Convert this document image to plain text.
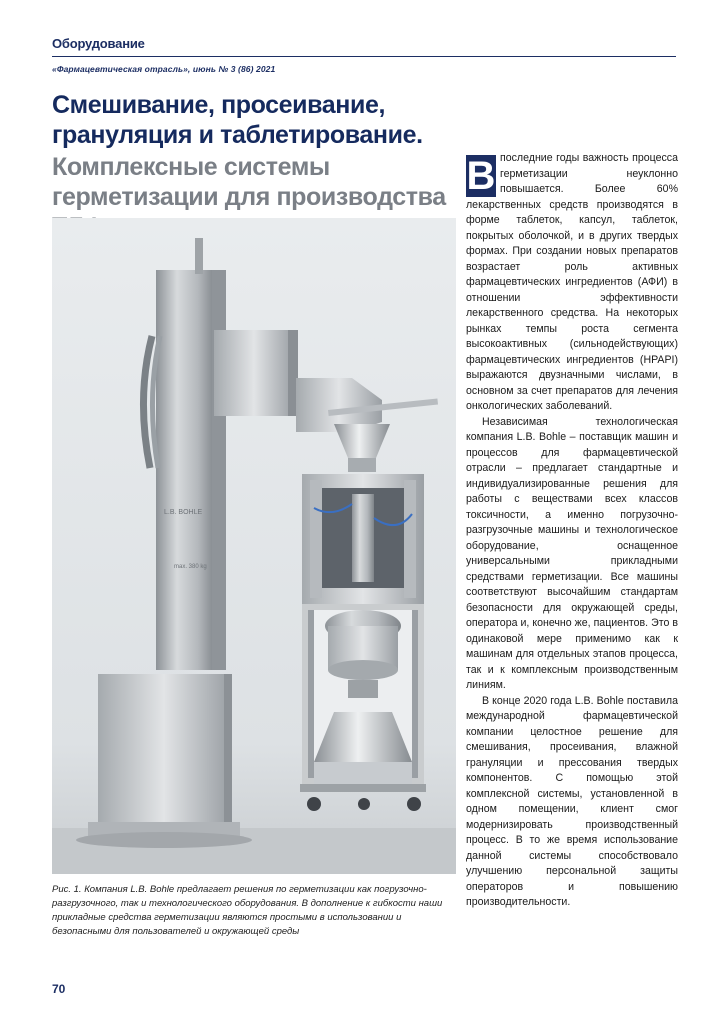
Оборудование
«Фармацевтическая отрасль», июнь № 3 (86) 2021
Смешивание, просеивание, грануляция и таблетирование.
Комплексные системы герметизации для производства
L.B. BOHLE
max. 380 kg
Рис. 1. Компания L.B. Bohle предлагает решения по герметизации как погрузочно-разгрузочного, так и технологического оборудования. В дополнение к гибкости наши прикладные средства герметизации являются простыми в использовании и безопасными для пользователей и окружающей среды

В последние годы важность процесса герметизации неуклонно повышается. Более 60% лекарственных средств производятся в форме таблеток, капсул, таблеток, покрытых оболочкой, и в других твердых формах. При создании новых препаратов возрастает роль активных фармацевтических ингредиентов (АФИ) в отношении эффективности лекарственного средства. На некоторых рынках темпы роста сегмента высокоактивных (сильнодействующих) фармацевтических ингредиентов (HPAPI) выражаются двузначными числами, в основном за счет препаратов для лечения онкологических заболеваний.

Независимая технологическая компания L.B. Bohle – поставщик машин и процессов для фармацевтической отрасли – предлагает стандартные и индивидуализированные решения для работы с веществами всех классов токсичности, а именно погрузочно-разгрузочные машины и технологическое оборудование, оснащенное универсальными прикладными средствами герметизации. Все машины соответствуют высочайшим стандартам безопасности для окружающей среды, оператора и, конечно же, пациентов. Это в одинаковой мере применимо как к машинам для отдельных этапов процесса, так и к комплексным производственным линиям.

В конце 2020 года L.B. Bohle поставила международной фармацевтической компании целостное решение для смешивания, просеивания, влажной грануляции и прессования твердых компонентов. С помощью этой комплексной системы, установленной в одном помещении, клиент смог модернизировать производственный процесс. В то же время использование данной системы способствовало улучшению персональной защиты операторов и повышению производительности.

70
